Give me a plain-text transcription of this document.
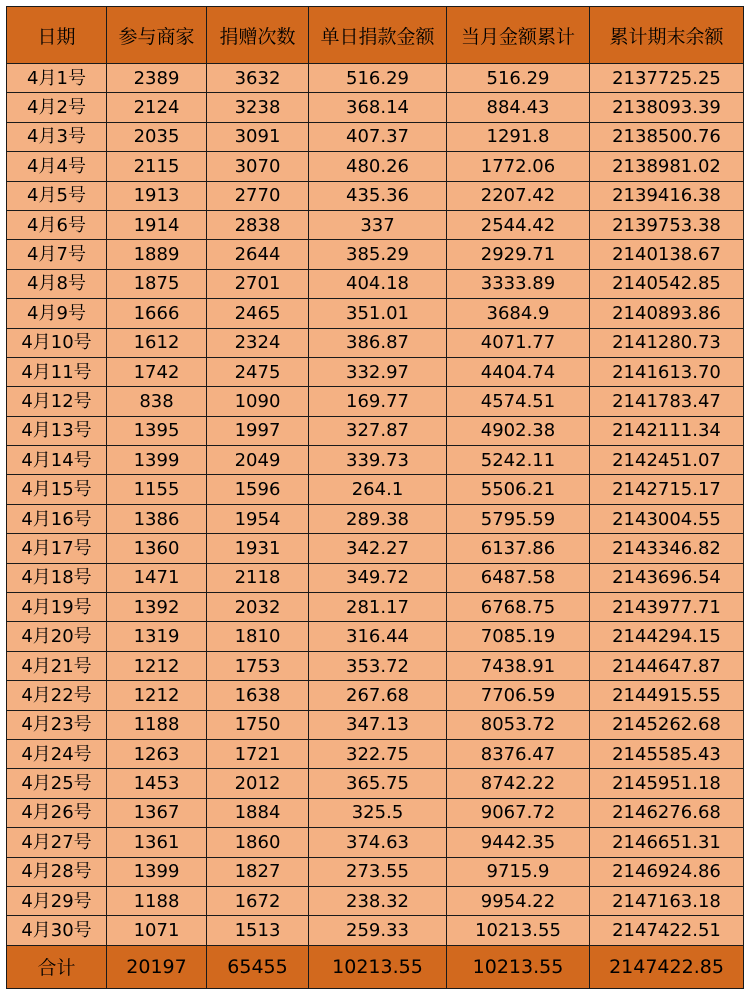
日期	参与商家	捐赠次数	单日捐款金额	当月金额累计	累计期末余额
4月1号	2389	3632	516.29	516.29	2137725.25
4月2号	2124	3238	368.14	884.43	2138093.39
4月3号	2035	3091	407.37	1291.8	2138500.76
4月4号	2115	3070	480.26	1772.06	2138981.02
4月5号	1913	2770	435.36	2207.42	2139416.38
4月6号	1914	2838	337	2544.42	2139753.38
4月7号	1889	2644	385.29	2929.71	2140138.67
4月8号	1875	2701	404.18	3333.89	2140542.85
4月9号	1666	2465	351.01	3684.9	2140893.86
4月10号	1612	2324	386.87	4071.77	2141280.73
4月11号	1742	2475	332.97	4404.74	2141613.70
4月12号	838	1090	169.77	4574.51	2141783.47
4月13号	1395	1997	327.87	4902.38	2142111.34
4月14号	1399	2049	339.73	5242.11	2142451.07
4月15号	1155	1596	264.1	5506.21	2142715.17
4月16号	1386	1954	289.38	5795.59	2143004.55
4月17号	1360	1931	342.27	6137.86	2143346.82
4月18号	1471	2118	349.72	6487.58	2143696.54
4月19号	1392	2032	281.17	6768.75	2143977.71
4月20号	1319	1810	316.44	7085.19	2144294.15
4月21号	1212	1753	353.72	7438.91	2144647.87
4月22号	1212	1638	267.68	7706.59	2144915.55
4月23号	1188	1750	347.13	8053.72	2145262.68
4月24号	1263	1721	322.75	8376.47	2145585.43
4月25号	1453	2012	365.75	8742.22	2145951.18
4月26号	1367	1884	325.5	9067.72	2146276.68
4月27号	1361	1860	374.63	9442.35	2146651.31
4月28号	1399	1827	273.55	9715.9	2146924.86
4月29号	1188	1672	238.32	9954.22	2147163.18
4月30号	1071	1513	259.33	10213.55	2147422.51
合计	20197	65455	10213.55	10213.55	2147422.85
